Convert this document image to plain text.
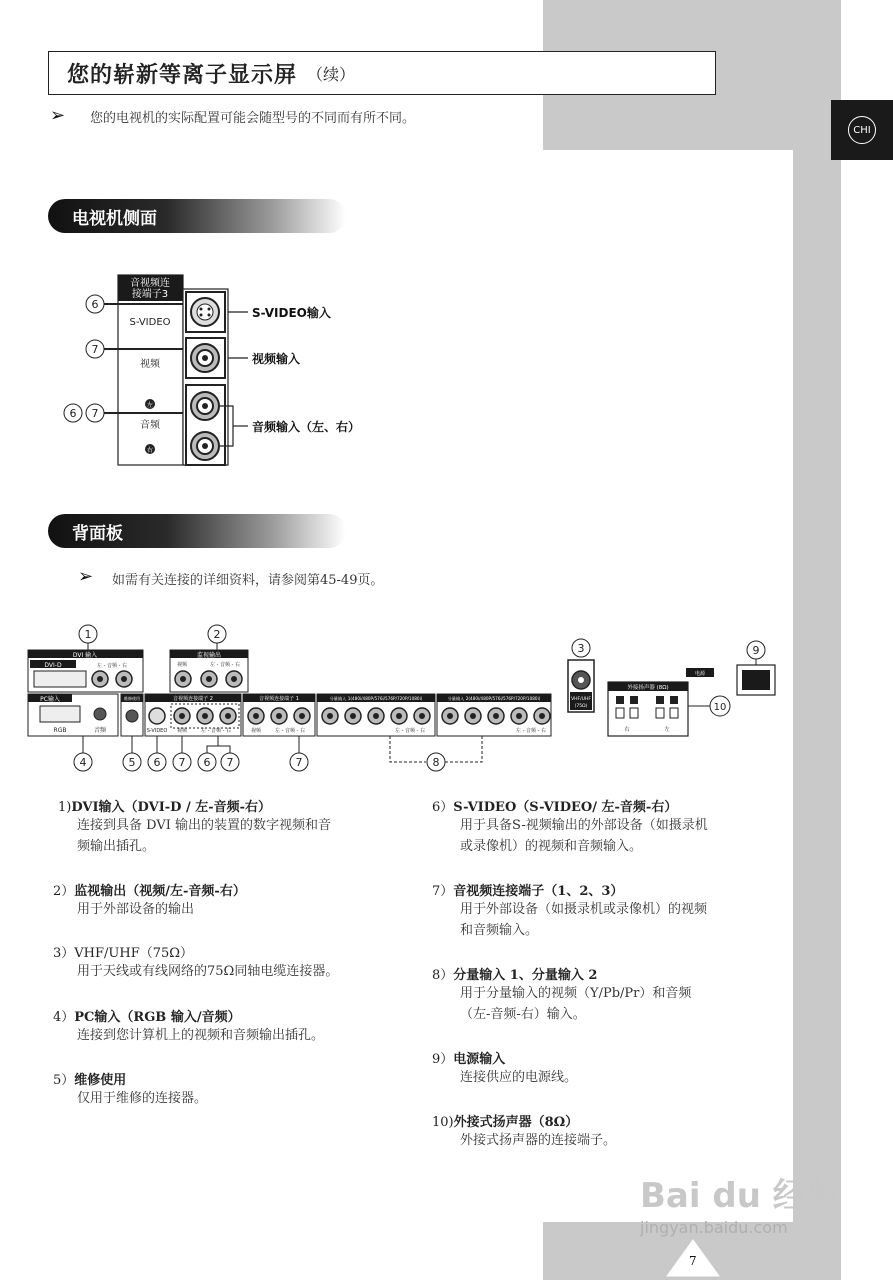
CHI
您的崭新等离子显示屏 （续）
➢ 您的电视机的实际配置可能会随型号的不同而有所不同。
电视机侧面
音视频连
接端子3
S-VIDEO
视频
左
音频
右
S-VIDEO输入
视频输入
音频输入（左、右）
6
7
6 7
背面板
➢ 如需有关连接的详细资料，请参阅第45-49页。
DVI 输入
DVI-D	左 - 音频 - 右
监视输出
视频	左 - 音频 - 右
PC输入
RGB	音频
维修使用	音视频连接端子 2
S-VIDEO 视频	左 - 音频 - 右
音视频连接端子 1
视频	左 - 音频 - 右
分量输入 1(480i/480P/576i/576P/720P/1080i)
左 - 音频 - 右
分量输入 2(480i/480P/576i/576P/720P/1080i)
左 - 音频 - 右
VHF/UHF
(75Ω)
外接扬声器 (8Ω)
右	左
电源
1	2
3
4	5 6 7 6 7	7	8
9
10
1)DVI输入（DVI-D / 左-音频-右）
连接到具备 DVI 输出的装置的数字视频和音
频输出插孔。
2）监视输出（视频/左-音频-右）
用于外部设备的输出
3）VHF/UHF（75Ω）
用于天线或有线网络的75Ω同轴电缆连接器。
4）PC输入（RGB 输入/音频）
连接到您计算机上的视频和音频输出插孔。
5）维修使用
仅用于维修的连接器。
6）S-VIDEO（S-VIDEO/ 左-音频-右）
用于具备S-视频输出的外部设备（如摄录机
或录像机）的视频和音频输入。
7）音视频连接端子（1、2、3）
用于外部设备（如摄录机或录像机）的视频
和音频输入。
8）分量输入 1、分量输入 2
用于分量输入的视频（Y/Pb/Pr）和音频
（左-音频-右）输入。
9）电源输入
连接供应的电源线。
10)外接式扬声器（8Ω）
外接式扬声器的连接端子。
Bai du 经验
jingyan.baidu.com
7
